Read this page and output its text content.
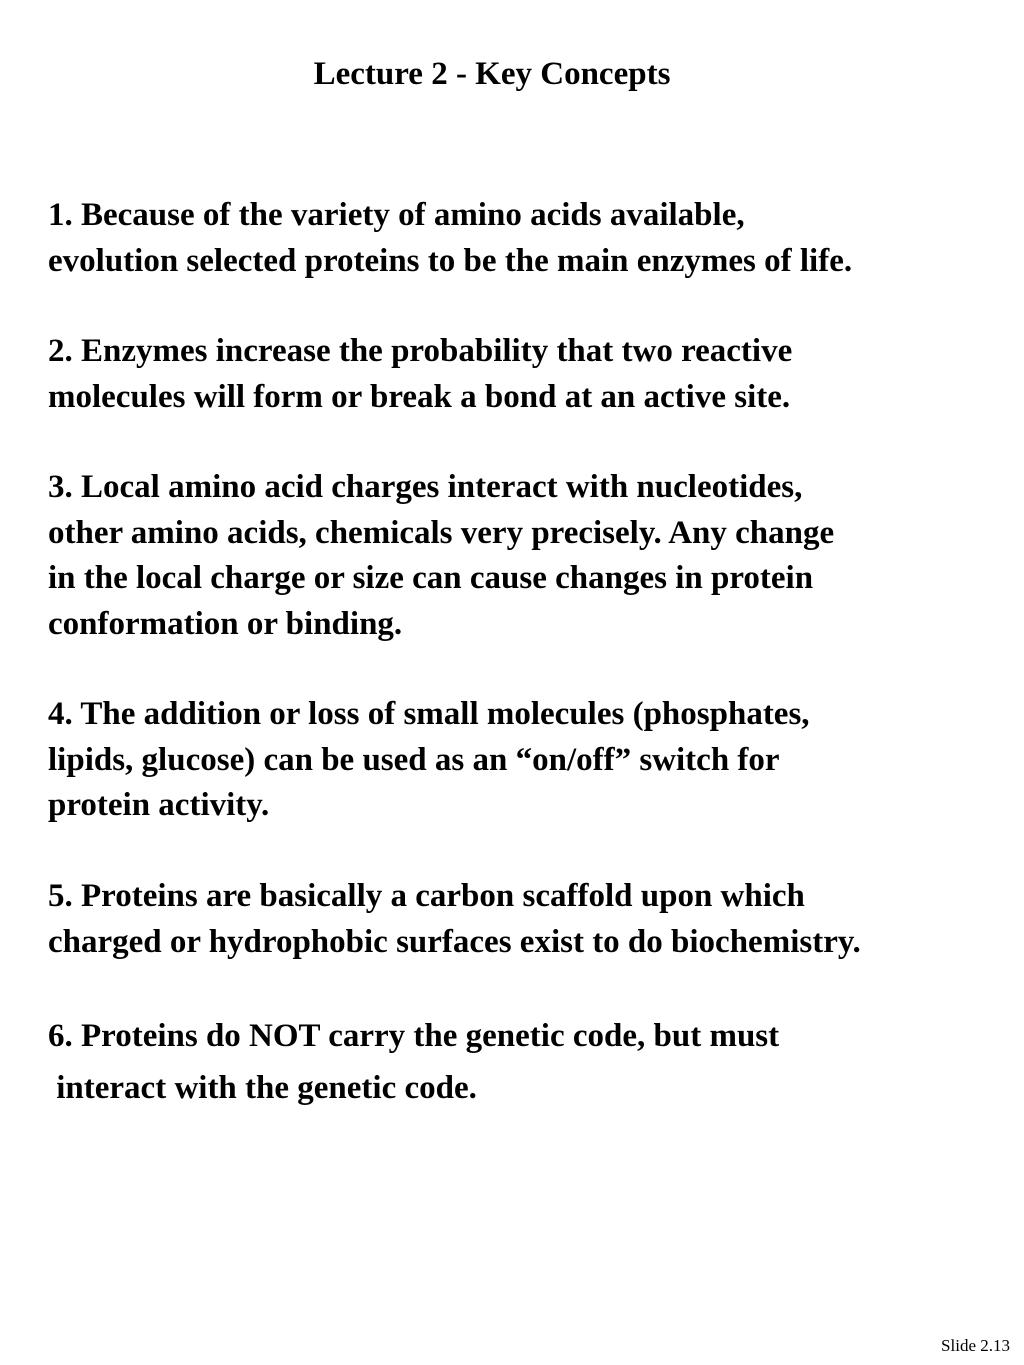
Lecture 2 - Key Concepts
1. Because of the variety of amino acids available,
evolution selected proteins to be the main enzymes of life.
2. Enzymes increase the probability that two reactive
molecules will form or break a bond at an active site.
3. Local amino acid charges interact with nucleotides,
other amino acids, chemicals very precisely. Any change
in the local charge or size can cause changes in protein
conformation or binding.
4. The addition or loss of small molecules (phosphates,
lipids, glucose) can be used as an “on/off” switch for
protein activity.
5. Proteins are basically a carbon scaffold upon which
charged or hydrophobic surfaces exist to do biochemistry.
6. Proteins do NOT carry the genetic code, but must
interact with the genetic code.
Slide 2.13
